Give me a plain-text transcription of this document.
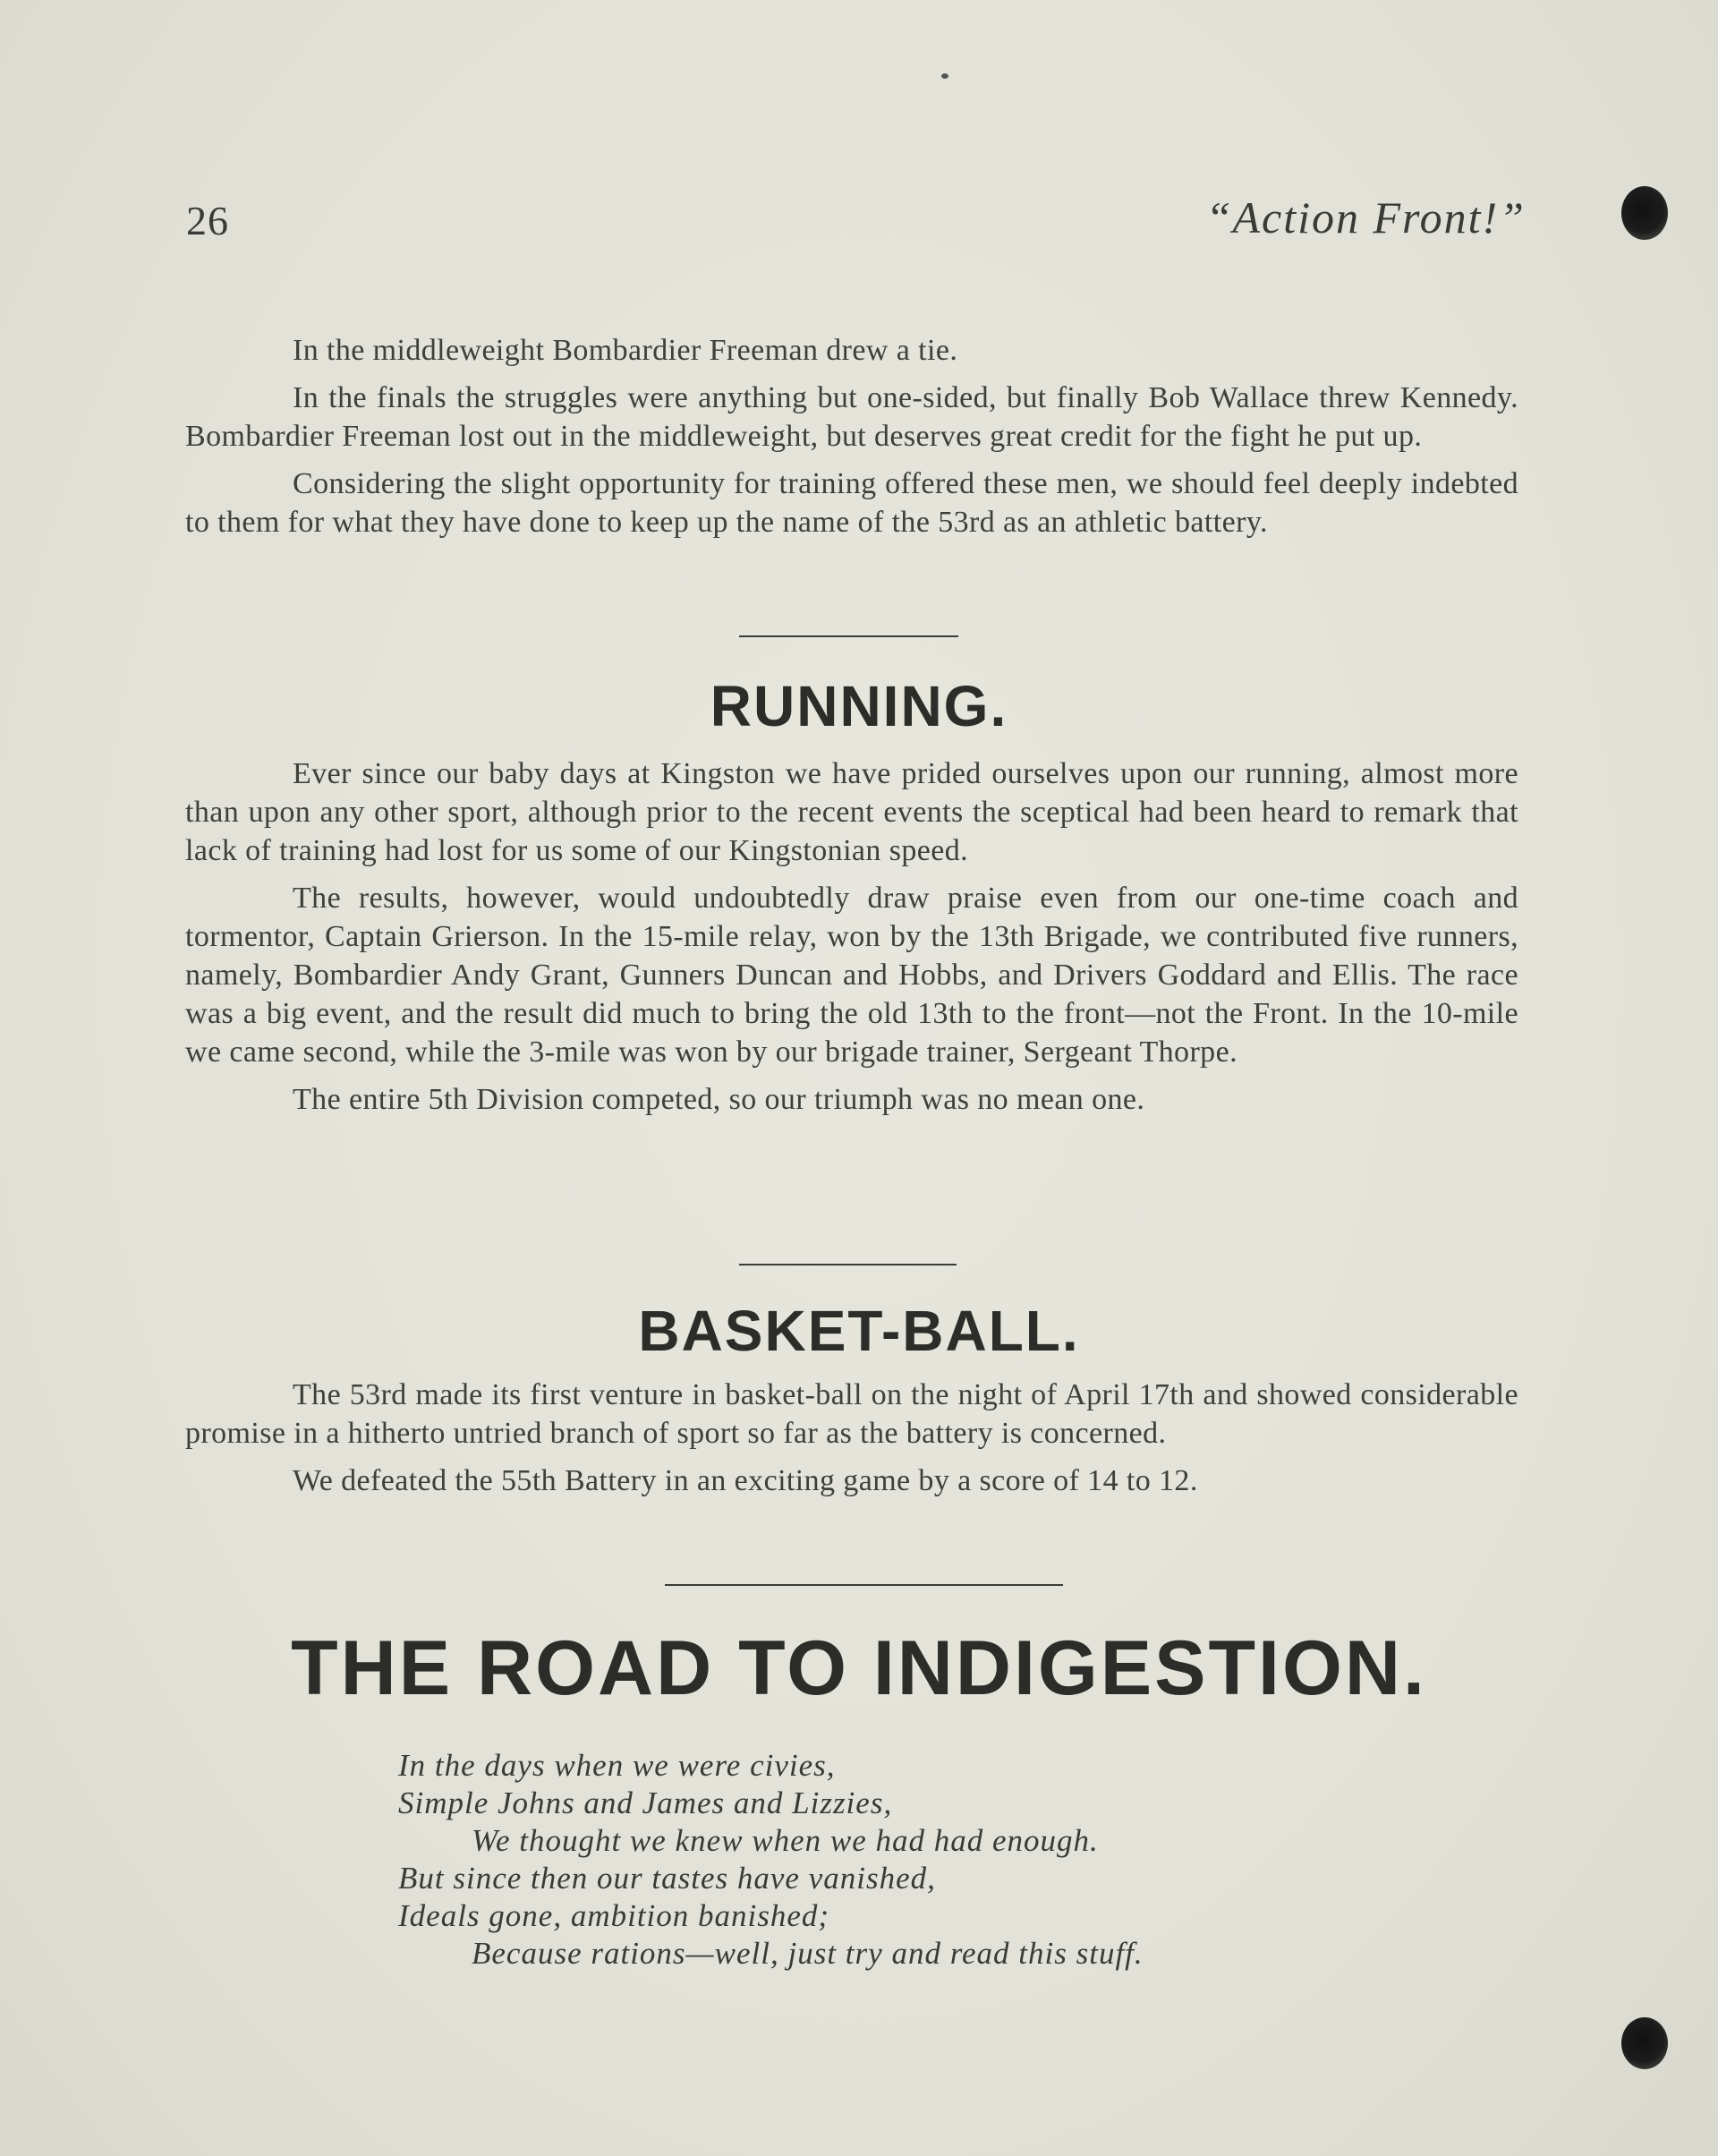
26	“Action Front!”

In the middleweight Bombardier Freeman drew a tie.

In the finals the struggles were anything but one-sided, but finally Bob Wallace threw Kennedy. Bombardier Freeman lost out in the middleweight, but deserves great credit for the fight he put up.

Considering the slight opportunity for training offered these men, we should feel deeply indebted to them for what they have done to keep up the name of the 53rd as an athletic battery.

RUNNING.

Ever since our baby days at Kingston we have prided ourselves upon our running, almost more than upon any other sport, although prior to the recent events the sceptical had been heard to remark that lack of training had lost for us some of our Kingstonian speed.

The results, however, would undoubtedly draw praise even from our one-time coach and tormentor, Captain Grierson. In the 15-mile relay, won by the 13th Brigade, we contributed five runners, namely, Bombardier Andy Grant, Gunners Duncan and Hobbs, and Drivers Goddard and Ellis. The race was a big event, and the result did much to bring the old 13th to the front—not the Front. In the 10-mile we came second, while the 3-mile was won by our brigade trainer, Sergeant Thorpe.

The entire 5th Division competed, so our triumph was no mean one.

BASKET-BALL.

The 53rd made its first venture in basket-ball on the night of April 17th and showed considerable promise in a hitherto untried branch of sport so far as the battery is concerned.

We defeated the 55th Battery in an exciting game by a score of 14 to 12.

THE ROAD TO INDIGESTION.
In the days when we were civies,
Simple Johns and James and Lizzies,
We thought we knew when we had had enough.
But since then our tastes have vanished,
Ideals gone, ambition banished;
Because rations—well, just try and read this stuff.
